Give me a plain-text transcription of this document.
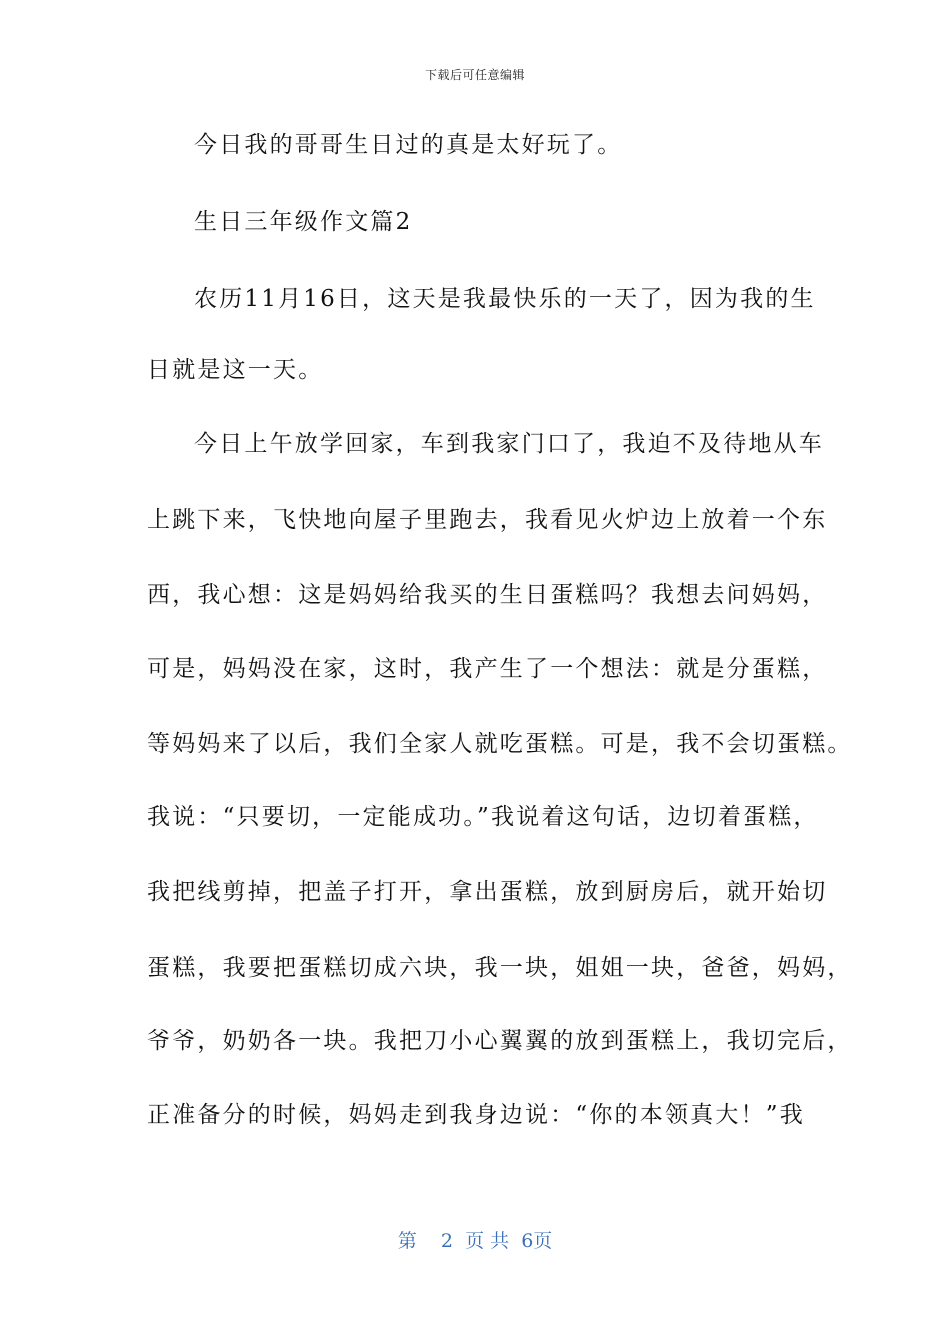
下载后可任意编辑
今日我的哥哥生日过的真是太好玩了。
生日三年级作文篇2
农历11月16日，这天是我最快乐的一天了，因为我的生
日就是这一天。
今日上午放学回家，车到我家门口了，我迫不及待地从车
上跳下来，飞快地向屋子里跑去，我看见火炉边上放着一个东
西，我心想：这是妈妈给我买的生日蛋糕吗？我想去问妈妈，
可是，妈妈没在家，这时，我产生了一个想法：就是分蛋糕，
等妈妈来了以后，我们全家人就吃蛋糕。可是，我不会切蛋糕。
我说：“只要切，一定能成功。”我说着这句话，边切着蛋糕，
我把线剪掉，把盖子打开，拿出蛋糕，放到厨房后，就开始切
蛋糕，我要把蛋糕切成六块，我一块，姐姐一块，爸爸，妈妈，
爷爷，奶奶各一块。我把刀小心翼翼的放到蛋糕上，我切完后，
正准备分的时候，妈妈走到我身边说：“你的本领真大！”我
第 2 页 共 6页
